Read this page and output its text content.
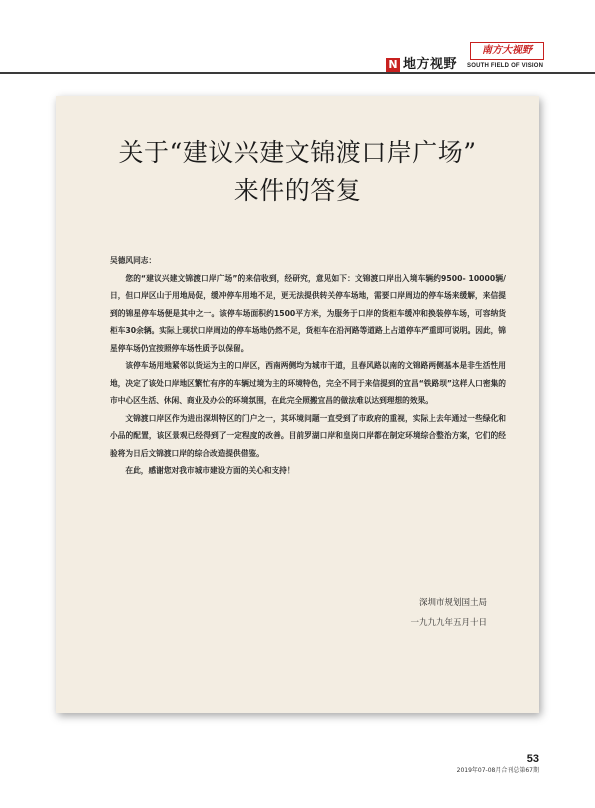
N 地方视野
南方大视野
SOUTH FIELD OF VISION
关于“建议兴建文锦渡口岸广场”
来件的答复

吴德风同志：

您的“建议兴建文锦渡口岸广场”的来信收到，经研究，意见如下：文锦渡口岸出入境车辆约9500- 10000辆/日，但口岸区山于用地局促，缓冲停车用地不足，更无法提供转关停车场地，需要口岸周边的停车场来缓解，来信提到的锦星停车场便是其中之一。该停车场面积约1500平方米，为服务于口岸的货柜车缓冲和换装停车场，可容纳货柜车30余辆。实际上现状口岸周边的停车场地仍然不足，货柜车在沿河路等道路上占道停车严重即可说明。因此，锦星停车场仍宜按照停车场性质予以保留。

该停车场用地紧邻以货运为主的口岸区，西南两侧均为城市干道，且春风路以南的文锦路两侧基本是非生活性用地，决定了该处口岸地区繁忙有序的车辆过境为主的环境特色，完全不同于来信提到的宜昌“铁路坝”这样人口密集的市中心区生活、休闲、商业及办公的环境氛围，在此完全照搬宜昌的做法难以达到理想的效果。

文锦渡口岸区作为进出深圳特区的门户之一，其环境问题一直受到了市政府的重视，实际上去年通过一些绿化和小品的配置，该区景观已经得到了一定程度的改善。目前罗湖口岸和皇岗口岸都在制定环境综合整治方案，它们的经验将为日后文锦渡口岸的综合改造提供借鉴。

在此，感谢您对我市城市建设方面的关心和支持！

深圳市规划国土局
一九九九年五月十日
53
2019年07-08月合刊总第67期
